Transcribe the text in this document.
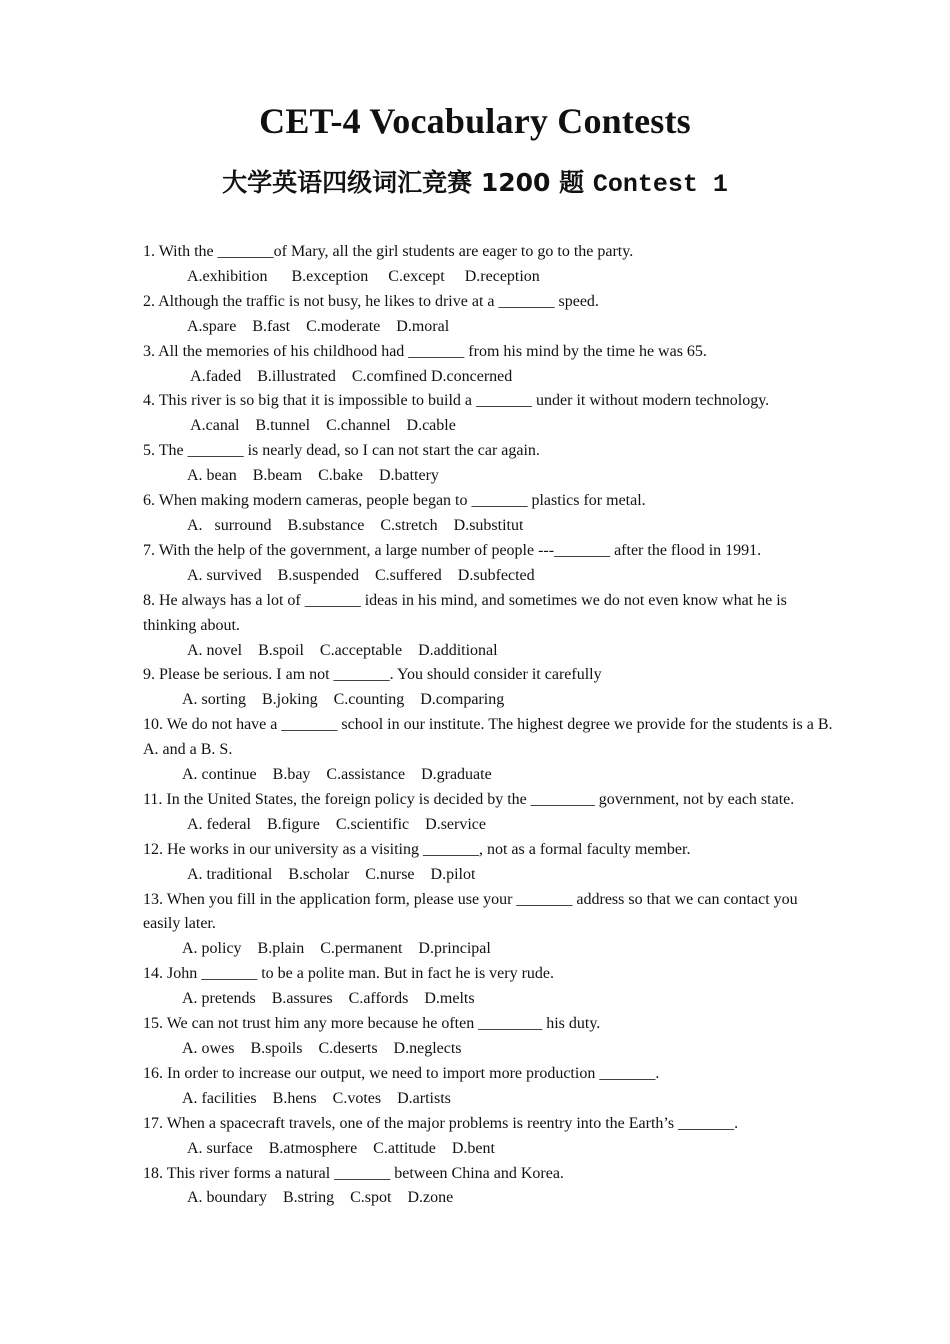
CET-4 Vocabulary Contests
大学英语四级词汇竞赛 1200 题 Contest 1

1. With the _______of Mary, all the girl students are eager to go to the party.

A.exhibition      B.exception     C.except     D.reception

2. Although the traffic is not busy, he likes to drive at a _______ speed.

A.spare    B.fast    C.moderate    D.moral

3. All the memories of his childhood had _______ from his mind by the time he was 65.

A.faded    B.illustrated    C.comfined D.concerned

4. This river is so big that it is impossible to build a _______ under it without modern technology.

A.canal    B.tunnel    C.channel    D.cable

5. The _______ is nearly dead, so I can not start the car again.

A. bean    B.beam    C.bake    D.battery

6. When making modern cameras, people began to _______ plastics for metal.

A.   surround    B.substance    C.stretch    D.substitut

7. With the help of the government, a large number of people ---_______ after the flood in 1991.

A. survived    B.suspended    C.suffered    D.subfected

8. He always has a lot of _______ ideas in his mind, and sometimes we do not even know what he is thinking about.

A. novel    B.spoil    C.acceptable    D.additional

9. Please be serious. I am not _______. You should consider it carefully

A. sorting    B.joking    C.counting    D.comparing

10. We do not have a _______ school in our institute. The highest degree we provide for the students is a B. A. and a B. S.

A. continue    B.bay    C.assistance    D.graduate

11. In the United States, the foreign policy is decided by the ________ government, not by each state.

A. federal    B.figure    C.scientific    D.service

12. He works in our university as a visiting _______, not as a formal faculty member.

A. traditional    B.scholar    C.nurse    D.pilot

13. When you fill in the application form, please use your _______ address so that we can contact you easily later.

A. policy    B.plain    C.permanent    D.principal

14. John _______ to be a polite man. But in fact he is very rude.

A. pretends    B.assures    C.affords    D.melts

15. We can not trust him any more because he often ________ his duty.

A. owes    B.spoils    C.deserts    D.neglects

16. In order to increase our output, we need to import more production _______.

A. facilities    B.hens    C.votes    D.artists

17. When a spacecraft travels, one of the major problems is reentry into the Earth’s _______.

A. surface    B.atmosphere    C.attitude    D.bent

18. This river forms a natural _______ between China and Korea.

A. boundary    B.string    C.spot    D.zone
